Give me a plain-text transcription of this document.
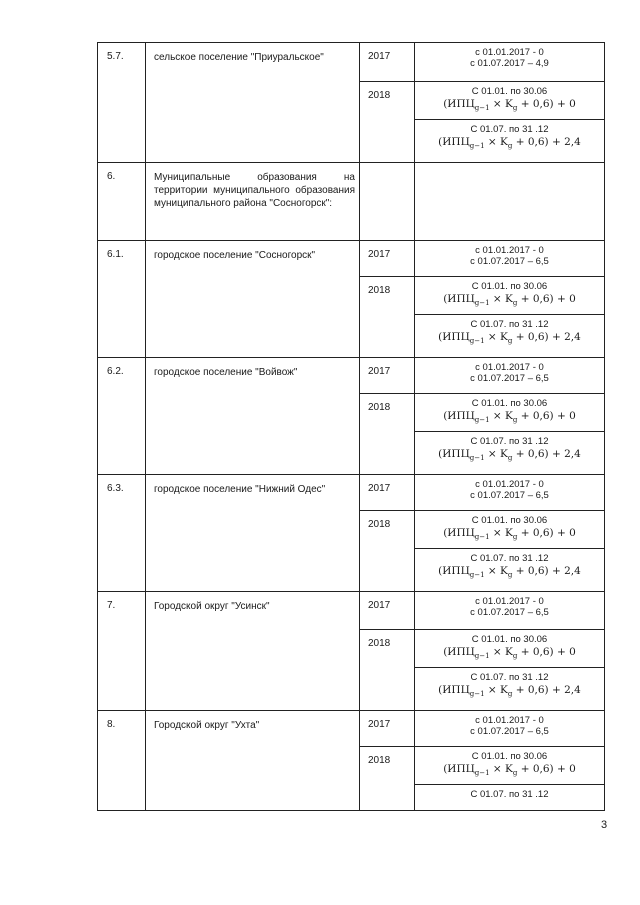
5.7.	сельское поселение "Приуральское"	2017	с 01.01.2017 - 0
с 01.07.2017 – 4,9

		2018	С 01.01. по 30.06
$(ИПЦ_{g-1} \times K_g + 0,6) + 0$

			С 01.07. по 31 .12
$(ИПЦ_{g-1} \times K_g + 0,6) + 2,4$

6.	Муниципальные образования на территории муниципального образования муниципального района "Сосногорск":		
6.1.	городское поселение "Сосногорск"	2017	с 01.01.2017 - 0
с 01.07.2017 – 6,5

		2018	С 01.01. по 30.06
$(ИПЦ_{g-1} \times K_g + 0,6) + 0$

			С 01.07. по 31 .12
$(ИПЦ_{g-1} \times K_g + 0,6) + 2,4$

6.2.	городское поселение "Войвож"	2017	с 01.01.2017 - 0
с 01.07.2017 – 6,5

		2018	С 01.01. по 30.06
$(ИПЦ_{g-1} \times K_g + 0,6) + 0$

			С 01.07. по 31 .12
$(ИПЦ_{g-1} \times K_g + 0,6) + 2,4$

6.3.	городское поселение "Нижний Одес"	2017	с 01.01.2017 - 0
с 01.07.2017 – 6,5

		2018	С 01.01. по 30.06
$(ИПЦ_{g-1} \times K_g + 0,6) + 0$

			С 01.07. по 31 .12
$(ИПЦ_{g-1} \times K_g + 0,6) + 2,4$

7.	Городской округ "Усинск"	2017	с 01.01.2017 - 0
с 01.07.2017 – 6,5

		2018	С 01.01. по 30.06
$(ИПЦ_{g-1} \times K_g + 0,6) + 0$

			С 01.07. по 31 .12
$(ИПЦ_{g-1} \times K_g + 0,6) + 2,4$

8.	Городской округ "Ухта"	2017	с 01.01.2017 - 0
с 01.07.2017 – 6,5

		2018	С 01.01. по 30.06
$(ИПЦ_{g-1} \times K_g + 0,6) + 0$

			С 01.07. по 31 .12
3
